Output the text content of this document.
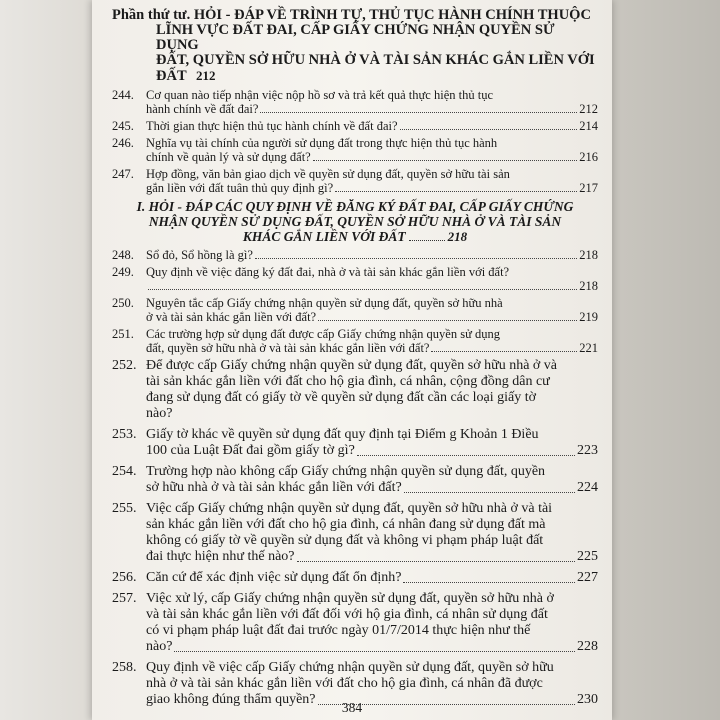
Phần thứ tư. HỎI - ĐÁP VỀ TRÌNH TỰ, THỦ TỤC HÀNH CHÍNH THUỘC
LĨNH VỰC ĐẤT ĐAI, CẤP GIẤY CHỨNG NHẬN QUYỀN SỬ DỤNG
ĐẤT, QUYỀN SỞ HỮU NHÀ Ở VÀ TÀI SẢN KHÁC GẮN LIỀN VỚI
ĐẤT 212
244. Cơ quan nào tiếp nhận việc nộp hồ sơ và trả kết quả thực hiện thủ tục
hành chính về đất đai?	212
245. Thời gian thực hiện thủ tục hành chính về đất đai?	214
246. Nghĩa vụ tài chính của người sử dụng đất trong thực hiện thủ tục hành
chính về quản lý và sử dụng đất?	216
247. Hợp đồng, văn bản giao dịch về quyền sử dụng đất, quyền sở hữu tài sản
gắn liền với đất tuân thủ quy định gì?	217
I. HỎI - ĐÁP CÁC QUY ĐỊNH VỀ ĐĂNG KÝ ĐẤT ĐAI, CẤP GIẤY CHỨNG
NHẬN QUYỀN SỬ DỤNG ĐẤT, QUYỀN SỞ HỮU NHÀ Ở VÀ TÀI SẢN
KHÁC GẮN LIỀN VỚI ĐẤT	218
248. Sổ đỏ, Sổ hồng là gì?	218
249. Quy định về việc đăng ký đất đai, nhà ở và tài sản khác gắn liền với đất?
218
250. Nguyên tắc cấp Giấy chứng nhận quyền sử dụng đất, quyền sở hữu nhà
ở và tài sản khác gắn liền với đất?	219
251. Các trường hợp sử dụng đất được cấp Giấy chứng nhận quyền sử dụng
đất, quyền sở hữu nhà ở và tài sản khác gắn liền với đất?	221
252. Để được cấp Giấy chứng nhận quyền sử dụng đất, quyền sở hữu nhà ở và
tài sản khác gắn liền với đất cho hộ gia đình, cá nhân, cộng đồng dân cư
đang sử dụng đất có giấy tờ về quyền sử dụng đất cần các loại giấy tờ
nào?
253. Giấy tờ khác về quyền sử dụng đất quy định tại Điểm g Khoản 1 Điều
100 của Luật Đất đai gồm giấy tờ gì?	223
254. Trường hợp nào không cấp Giấy chứng nhận quyền sử dụng đất, quyền
sở hữu nhà ở và tài sản khác gắn liền với đất?	224
255. Việc cấp Giấy chứng nhận quyền sử dụng đất, quyền sở hữu nhà ở và tài
sản khác gắn liền với đất cho hộ gia đình, cá nhân đang sử dụng đất mà
không có giấy tờ về quyền sử dụng đất và không vi phạm pháp luật đất
đai thực hiện như thế nào?	225
256. Căn cứ để xác định việc sử dụng đất ổn định?	227
257. Việc xử lý, cấp Giấy chứng nhận quyền sử dụng đất, quyền sở hữu nhà ở
và tài sản khác gắn liền với đất đối với hộ gia đình, cá nhân sử dụng đất
có vi phạm pháp luật đất đai trước ngày 01/7/2014 thực hiện như thế
nào?	228
258. Quy định về việc cấp Giấy chứng nhận quyền sử dụng đất, quyền sở hữu
nhà ở và tài sản khác gắn liền với đất cho hộ gia đình, cá nhân đã được
giao không đúng thẩm quyền?	230
384
